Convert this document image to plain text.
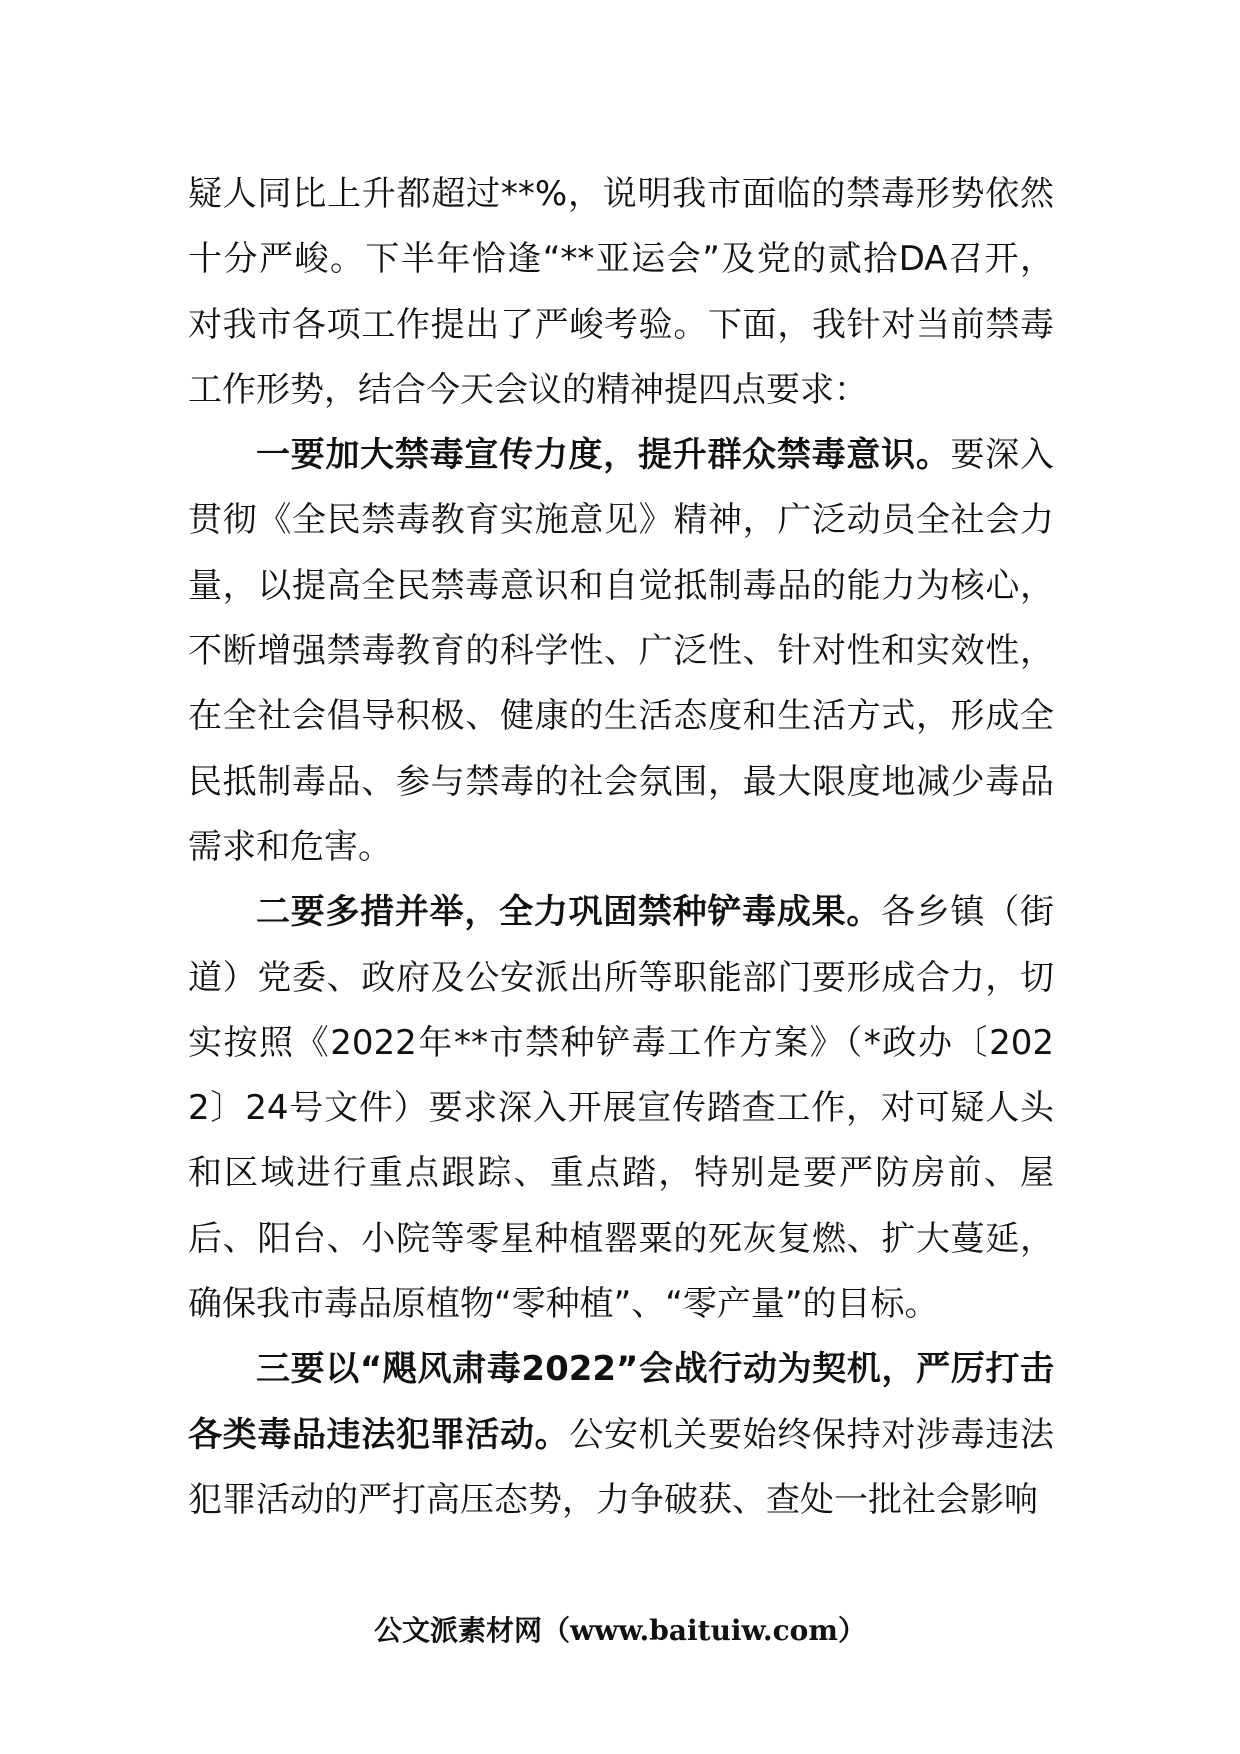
疑人同比上升都超过**%，说明我市面临的禁毒形势依然十分严峻。下半年恰逢“**亚运会”及党的贰拾DA召开，对我市各项工作提出了严峻考验。下面，我针对当前禁毒工作形势，结合今天会议的精神提四点要求：

一要加大禁毒宣传力度，提升群众禁毒意识。要深入贯彻《全民禁毒教育实施意见》精神，广泛动员全社会力量，以提高全民禁毒意识和自觉抵制毒品的能力为核心，不断增强禁毒教育的科学性、广泛性、针对性和实效性，在全社会倡导积极、健康的生活态度和生活方式，形成全民抵制毒品、参与禁毒的社会氛围，最大限度地减少毒品需求和危害。

二要多措并举，全力巩固禁种铲毒成果。各乡镇（街道）党委、政府及公安派出所等职能部门要形成合力，切实按照《2022年**市禁种铲毒工作方案》（*政办〔2022〕24号文件）要求深入开展宣传踏查工作，对可疑人头和区域进行重点跟踪、重点踏，特别是要严防房前、屋后、阳台、小院等零星种植罂粟的死灰复燃、扩大蔓延，确保我市毒品原植物“零种植”、“零产量”的目标。

三要以“飓风肃毒2022”会战行动为契机，严厉打击各类毒品违法犯罪活动。公安机关要始终保持对涉毒违法犯罪活动的严打高压态势，力争破获、查处一批社会影响

公文派素材网（www.baituiw.com）
